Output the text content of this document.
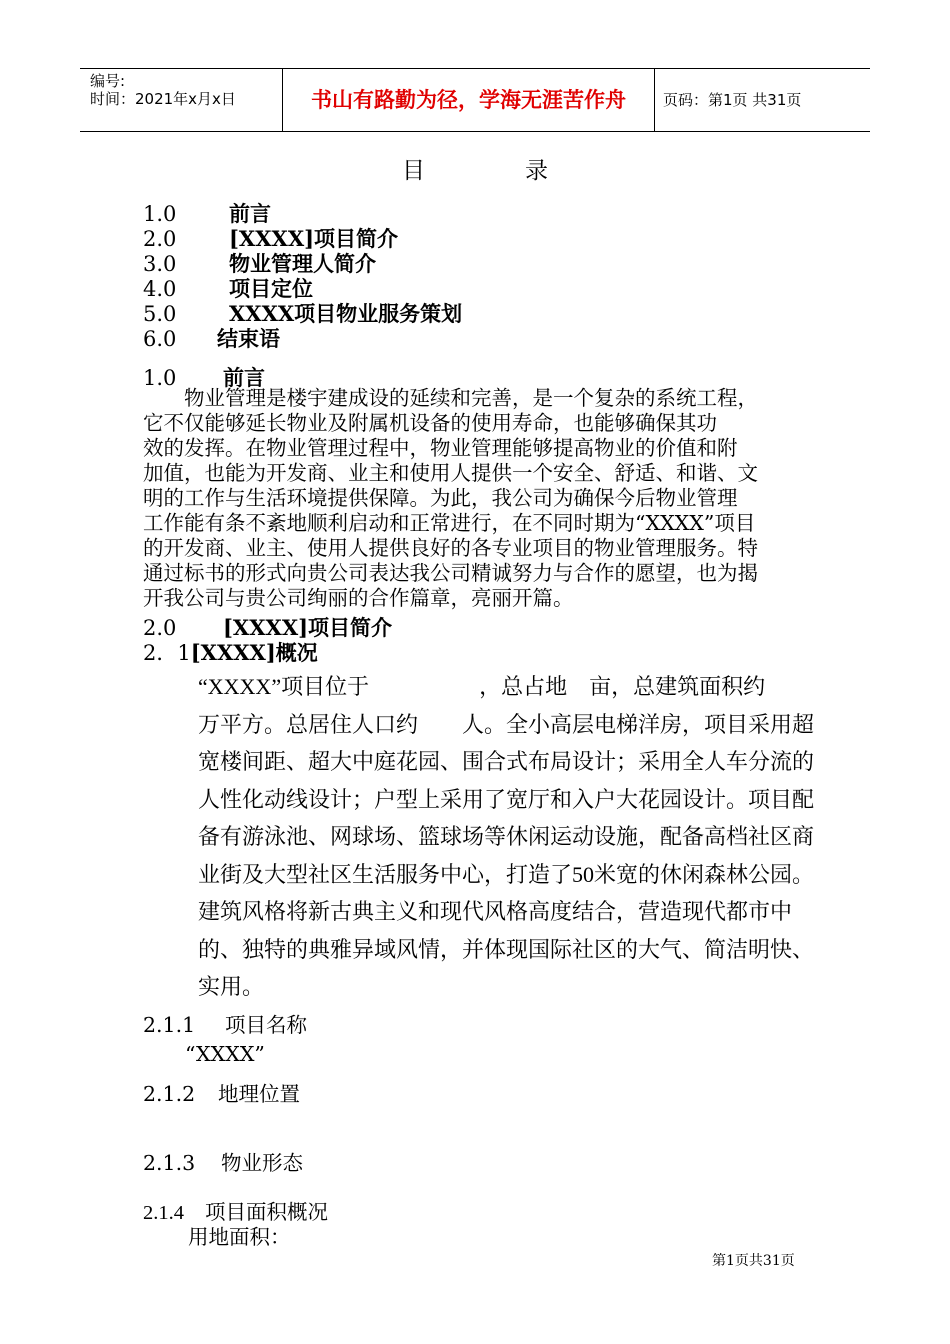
编号:
时间：2021年x月x日	书山有路勤为径，学海无涯苦作舟	页码：第1页 共31页
目	录
1.0	前言
2.0	[XXXX]项目简介
3.0	物业管理人简介
4.0	项目定位
5.0	XXXX项目物业服务策划
6.0 结束语
1.0 前言
　　物业管理是楼宇建成设的延续和完善，是一个复杂的系统工程，
它不仅能够延长物业及附属机设备的使用寿命，也能够确保其功
效的发挥。在物业管理过程中，物业管理能够提高物业的价值和附
加值，也能为开发商、业主和使用人提供一个安全、舒适、和谐、文
明的工作与生活环境提供保障。为此，我公司为确保今后物业管理
工作能有条不紊地顺利启动和正常进行，在不同时期为“XXXX”项目
的开发商、业主、使用人提供良好的各专业项目的物业管理服务。特
通过标书的形式向贵公司表达我公司精诚努力与合作的愿望，也为揭
开我公司与贵公司绚丽的合作篇章，亮丽开篇。
2.0 [XXXX]项目简介
2．1[XXXX]概况
“XXXX”项目位于　　　　　，总占地　亩，总建筑面积约
万平方。总居住人口约　　人。全小高层电梯洋房，项目采用超
宽楼间距、超大中庭花园、围合式布局设计；采用全人车分流的
人性化动线设计；户型上采用了宽厅和入户大花园设计。项目配
备有游泳池、网球场、篮球场等休闲运动设施，配备高档社区商
业街及大型社区生活服务中心，打造了50米宽的休闲森林公园。
建筑风格将新古典主义和现代风格高度结合，营造现代都市中
的、独特的典雅异域风情，并体现国际社区的大气、简洁明快、
实用。
2.1.1 项目名称
“XXXX”
2.1.2 地理位置
2.1.3 物业形态
2.1.4 项目面积概况
用地面积：
第1页共31页
